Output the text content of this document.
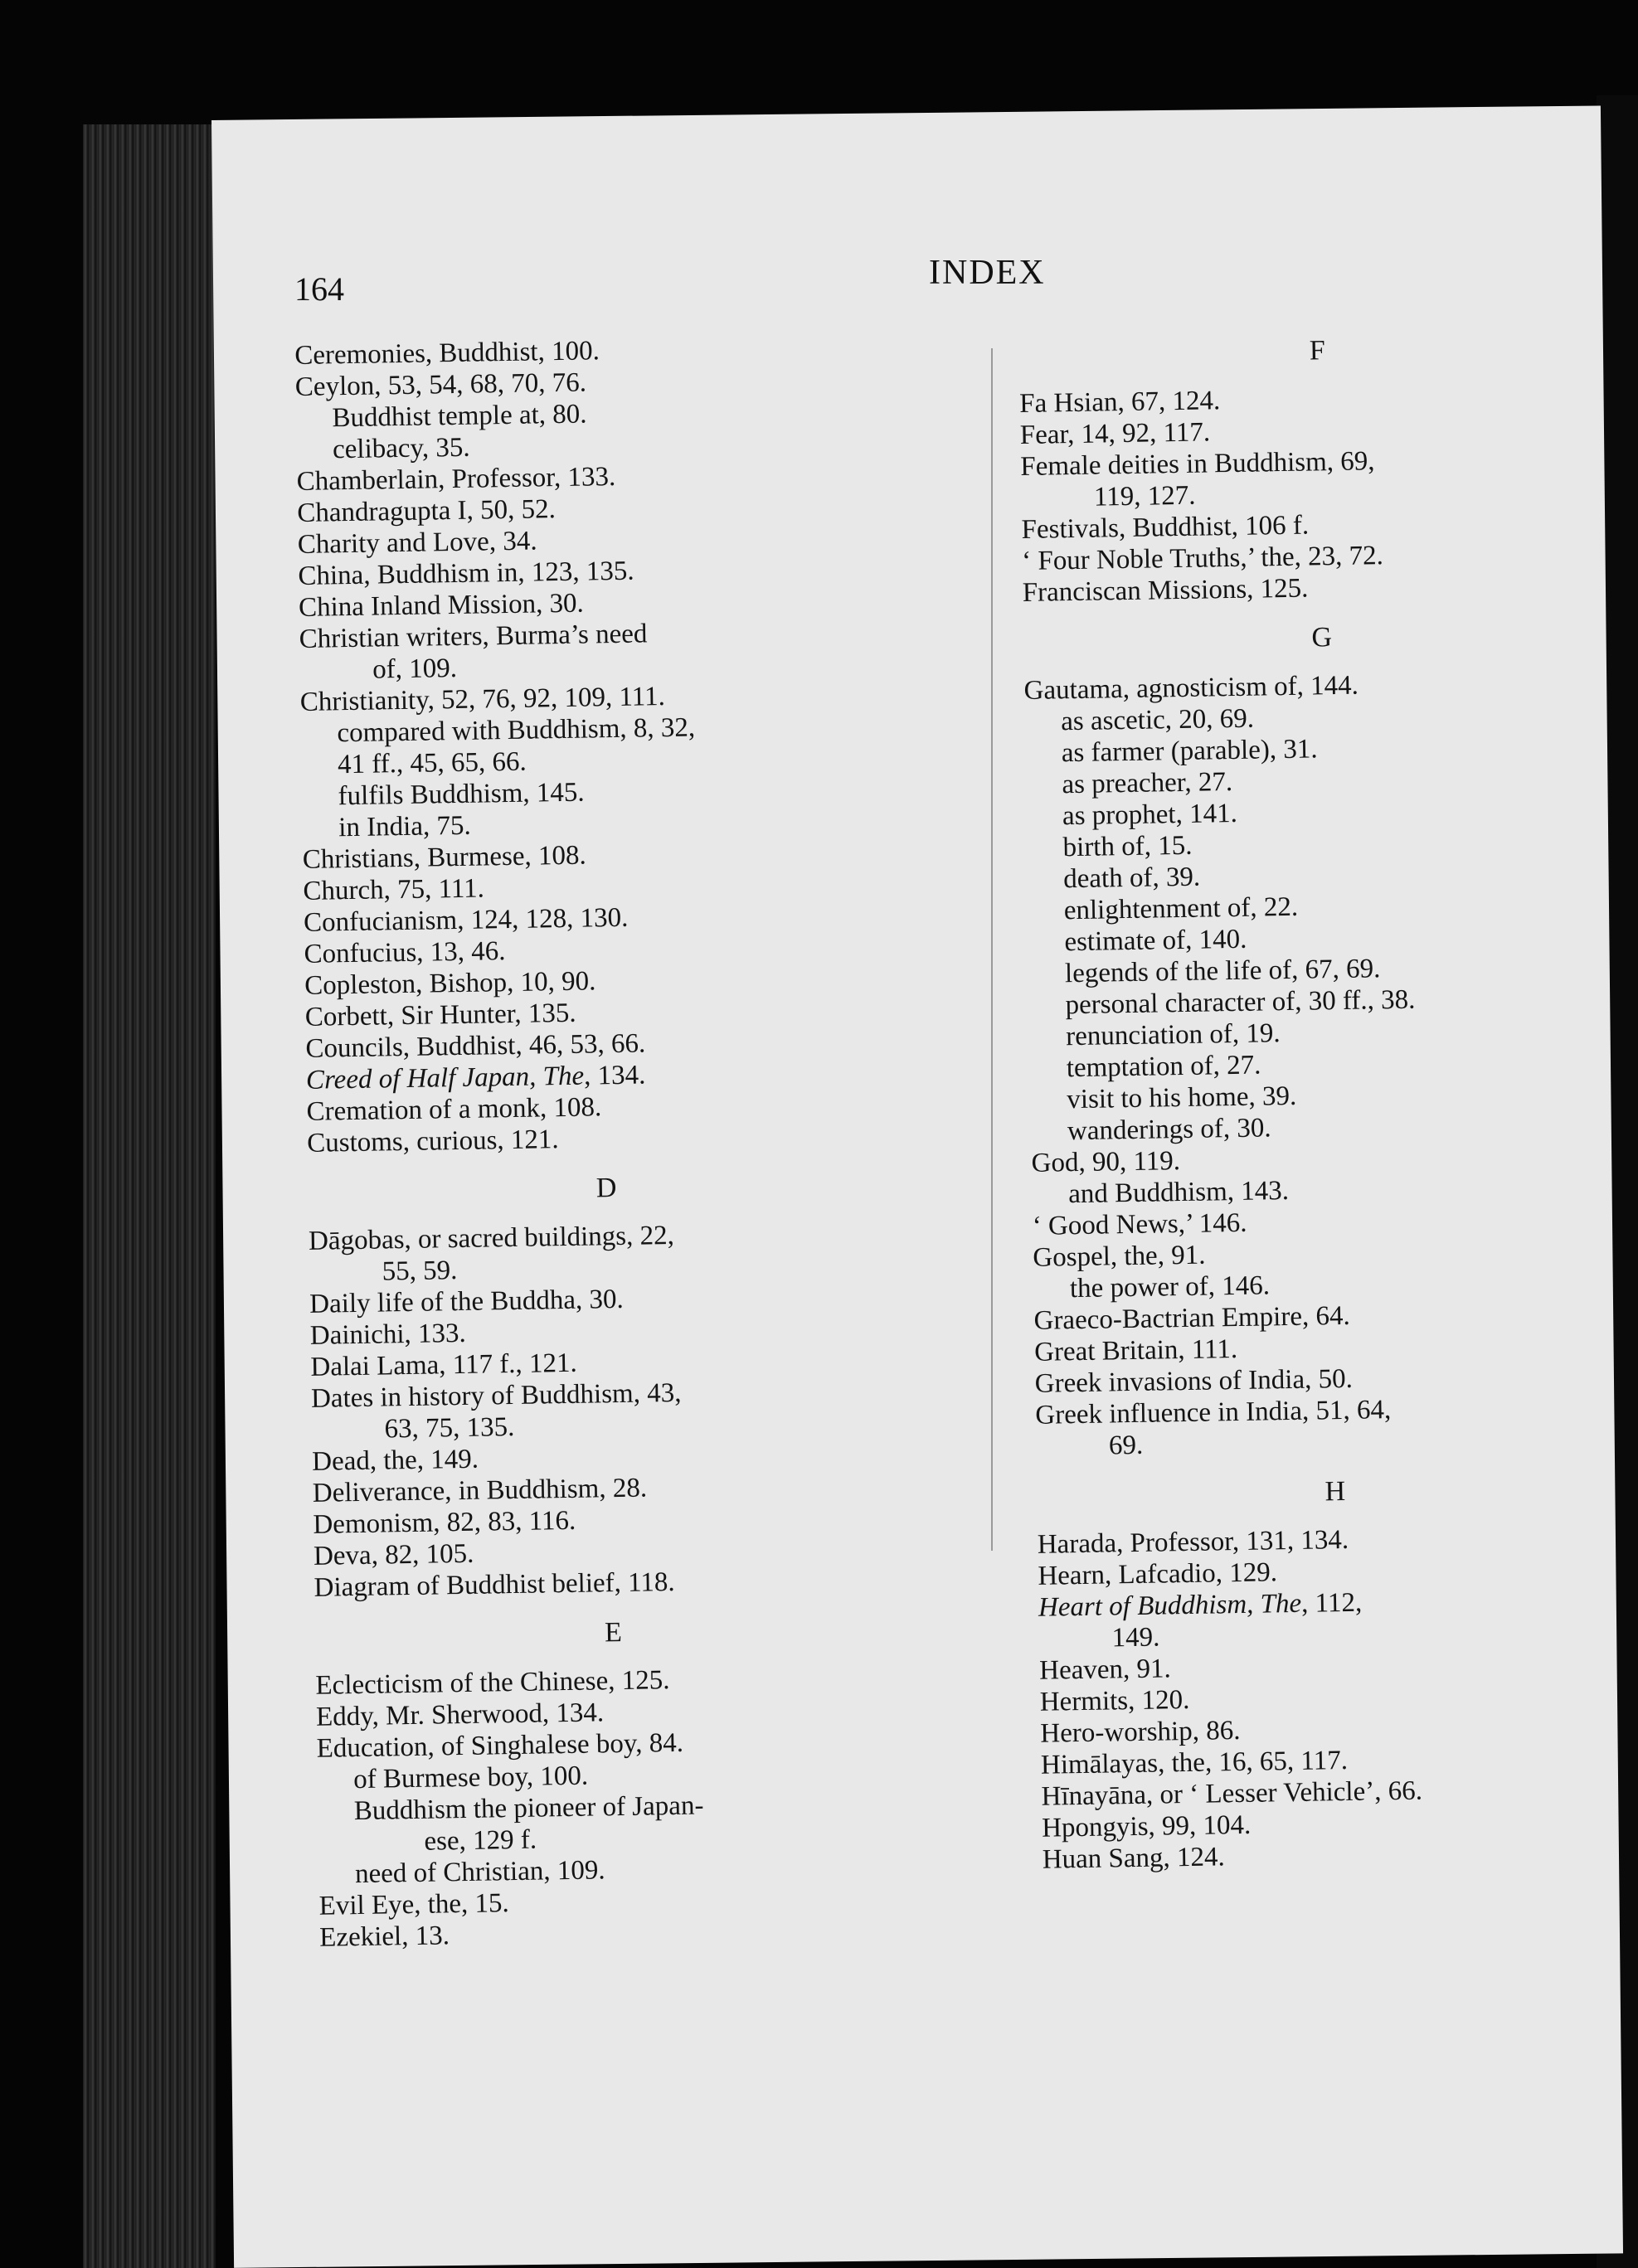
164	INDEX
Ceremonies, Buddhist, 100.
Ceylon, 53, 54, 68, 70, 76.
Buddhist temple at, 80.
celibacy, 35.
Chamberlain, Professor, 133.
Chandragupta I, 50, 52.
Charity and Love, 34.
China, Buddhism in, 123, 135.
China Inland Mission, 30.
Christian writers, Burma’s need
of, 109.
Christianity, 52, 76, 92, 109, 111.
compared with Buddhism, 8, 32,
41 ff., 45, 65, 66.
fulfils Buddhism, 145.
in India, 75.
Christians, Burmese, 108.
Church, 75, 111.
Confucianism, 124, 128, 130.
Confucius, 13, 46.
Copleston, Bishop, 10, 90.
Corbett, Sir Hunter, 135.
Councils, Buddhist, 46, 53, 66.
Creed of Half Japan, The, 134.
Cremation of a monk, 108.
Customs, curious, 121.
D
Dāgobas, or sacred buildings, 22,
55, 59.
Daily life of the Buddha, 30.
Dainichi, 133.
Dalai Lama, 117 f., 121.
Dates in history of Buddhism, 43,
63, 75, 135.
Dead, the, 149.
Deliverance, in Buddhism, 28.
Demonism, 82, 83, 116.
Deva, 82, 105.
Diagram of Buddhist belief, 118.
E
Eclecticism of the Chinese, 125.
Eddy, Mr. Sherwood, 134.
Education, of Singhalese boy, 84.
of Burmese boy, 100.
Buddhism the pioneer of Japan-
ese, 129 f.
need of Christian, 109.
Evil Eye, the, 15.
Ezekiel, 13.
F
Fa Hsian, 67, 124.
Fear, 14, 92, 117.
Female deities in Buddhism, 69,
119, 127.
Festivals, Buddhist, 106 f.
‘ Four Noble Truths,’ the, 23, 72.
Franciscan Missions, 125.
G
Gautama, agnosticism of, 144.
as ascetic, 20, 69.
as farmer (parable), 31.
as preacher, 27.
as prophet, 141.
birth of, 15.
death of, 39.
enlightenment of, 22.
estimate of, 140.
legends of the life of, 67, 69.
personal character of, 30 ff., 38.
renunciation of, 19.
temptation of, 27.
visit to his home, 39.
wanderings of, 30.
God, 90, 119.
and Buddhism, 143.
‘ Good News,’ 146.
Gospel, the, 91.
the power of, 146.
Graeco-Bactrian Empire, 64.
Great Britain, 111.
Greek invasions of India, 50.
Greek influence in India, 51, 64,
69.
H
Harada, Professor, 131, 134.
Hearn, Lafcadio, 129.
Heart of Buddhism, The, 112,
149.
Heaven, 91.
Hermits, 120.
Hero-worship, 86.
Himālayas, the, 16, 65, 117.
Hīnayāna, or ‘ Lesser Vehicle’, 66.
Hpongyis, 99, 104.
Huan Sang, 124.
